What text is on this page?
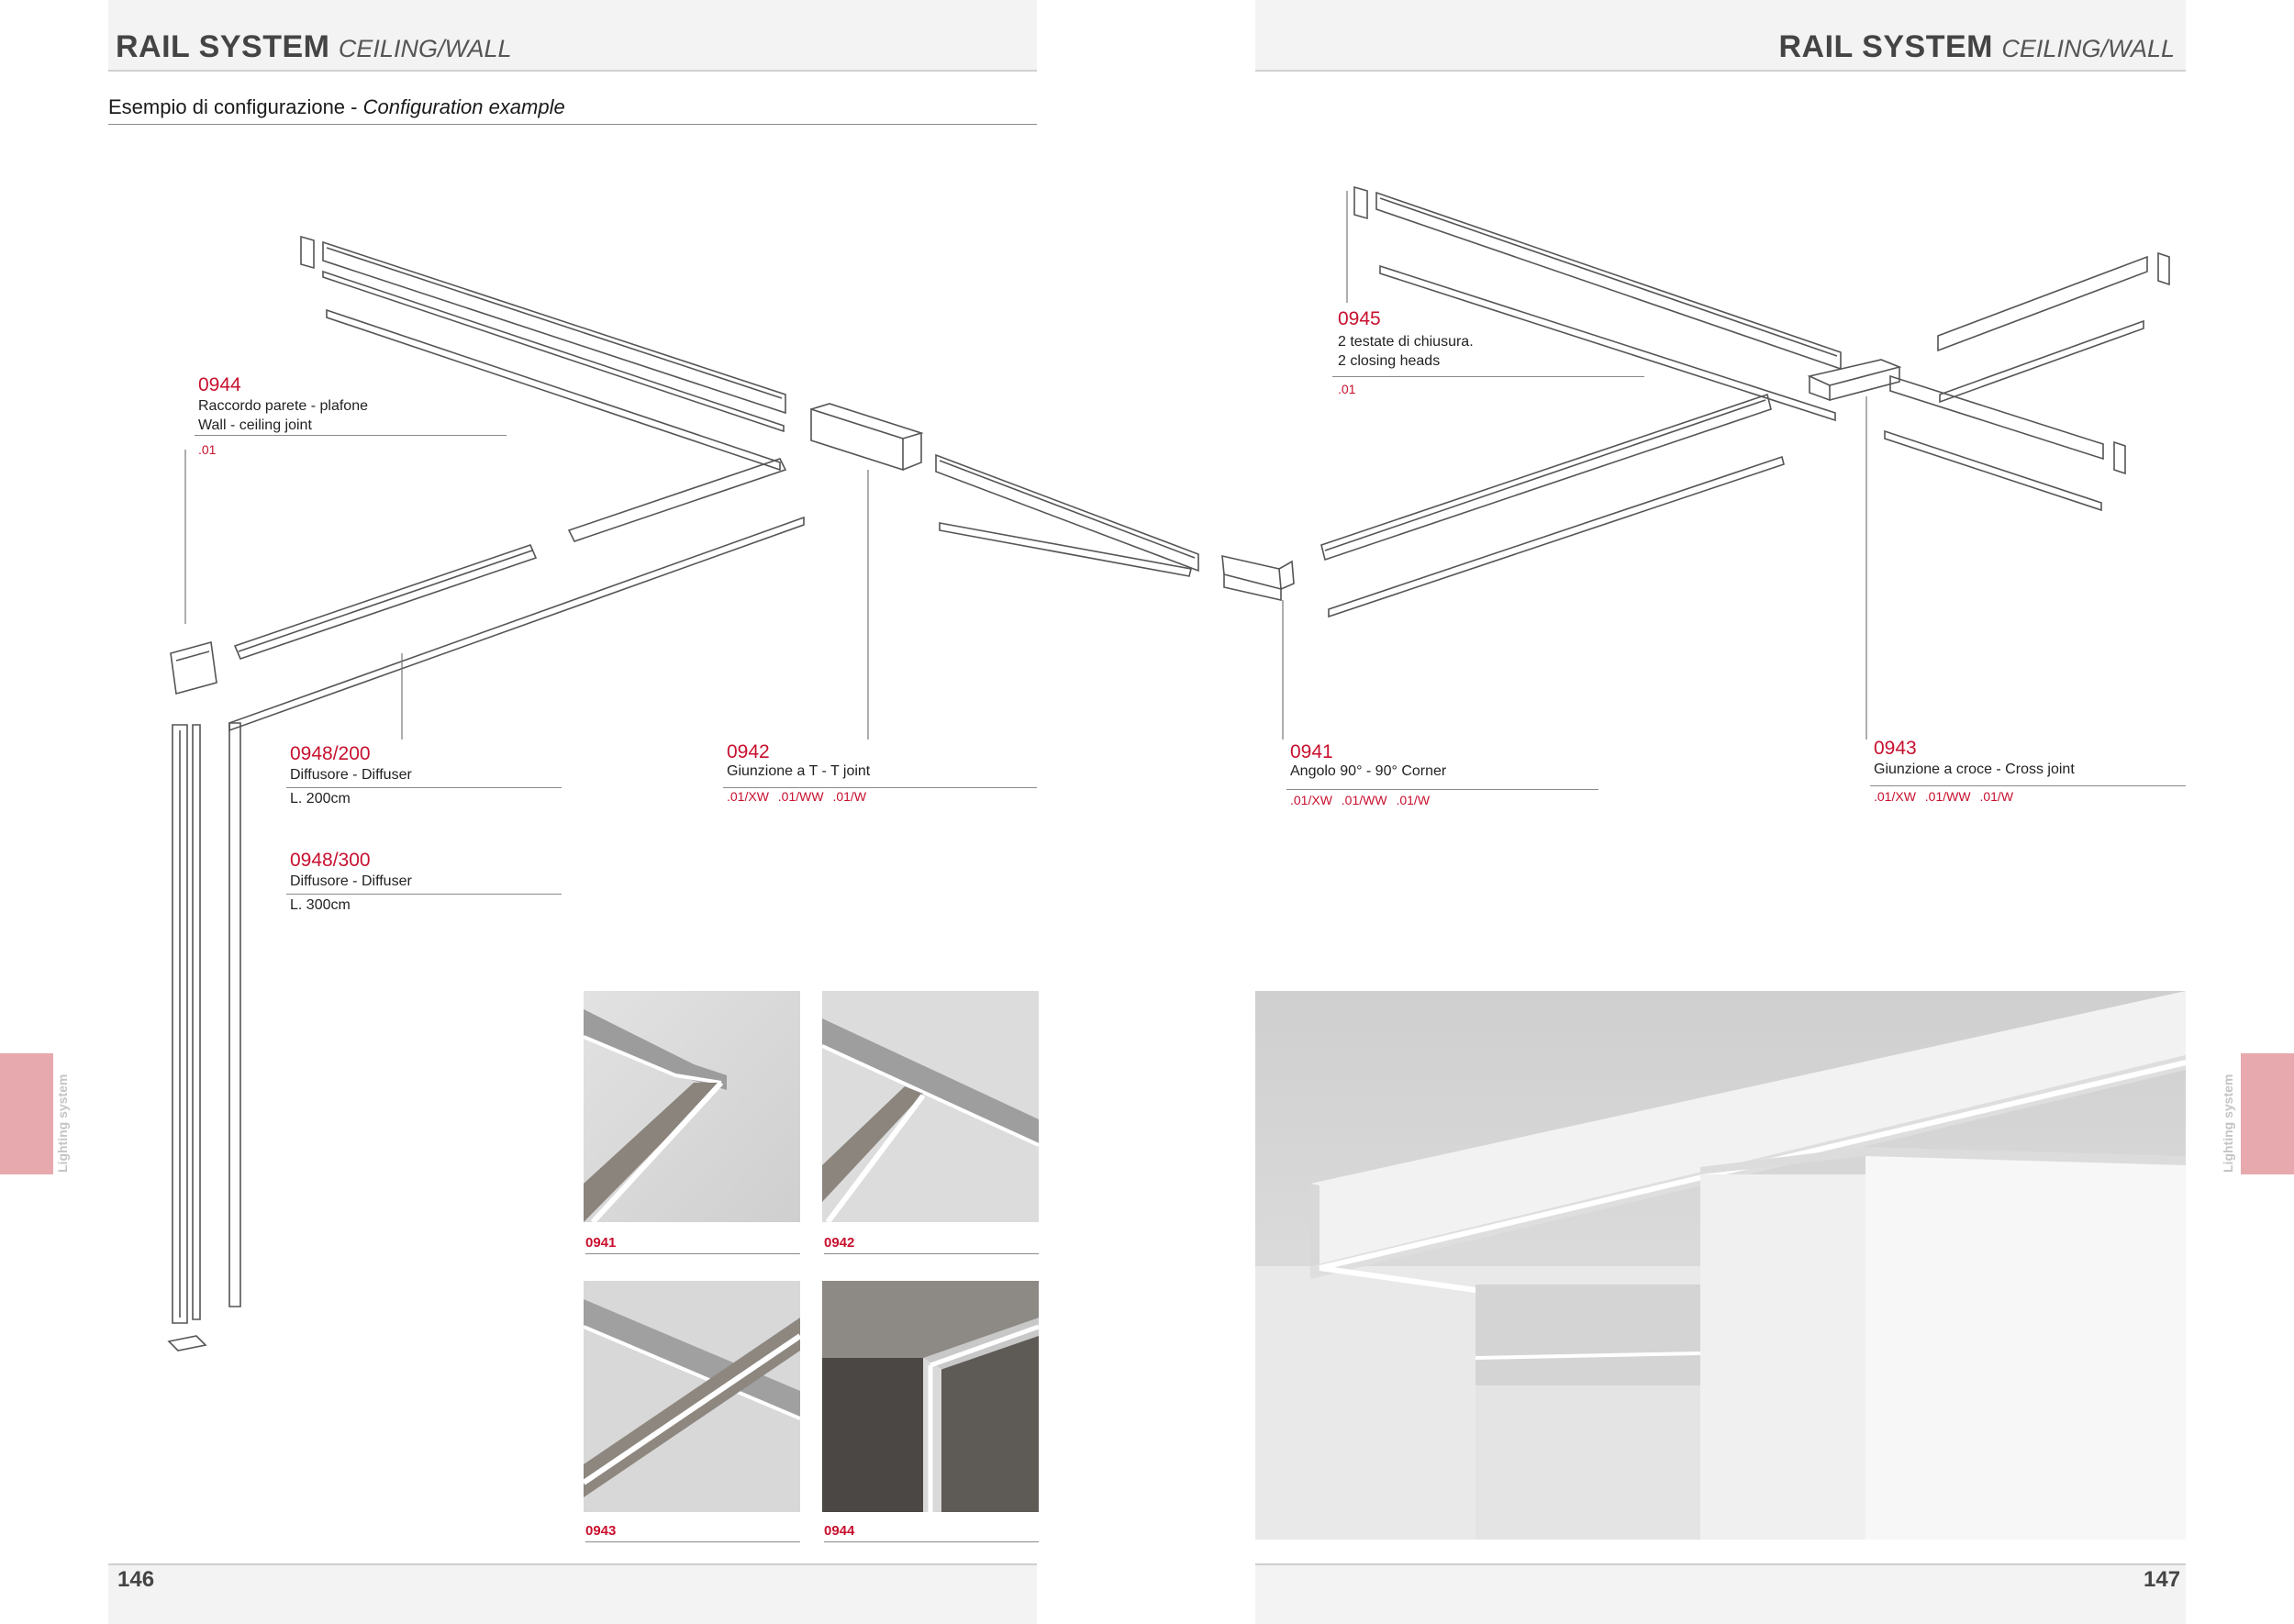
RAIL SYSTEM CEILING/WALL	RAIL SYSTEM CEILING/WALL
Esempio di configurazione - Configuration example
0944
Raccordo parete - plafone
Wall - ceiling joint
.01
0945
2 testate di chiusura.
2 closing heads
.01
0948/200
Diffusore - Diffuser
L. 200cm
0948/300
Diffusore - Diffuser
L. 300cm
0942
Giunzione a T - T joint
.01/XW .01/WW .01/W
0941
Angolo 90° - 90° Corner
.01/XW .01/WW .01/W
0943
Giunzione a croce - Cross joint
.01/XW .01/WW .01/W
0941	0942
0943	0944
146	147
Lighting system	Lighting system
